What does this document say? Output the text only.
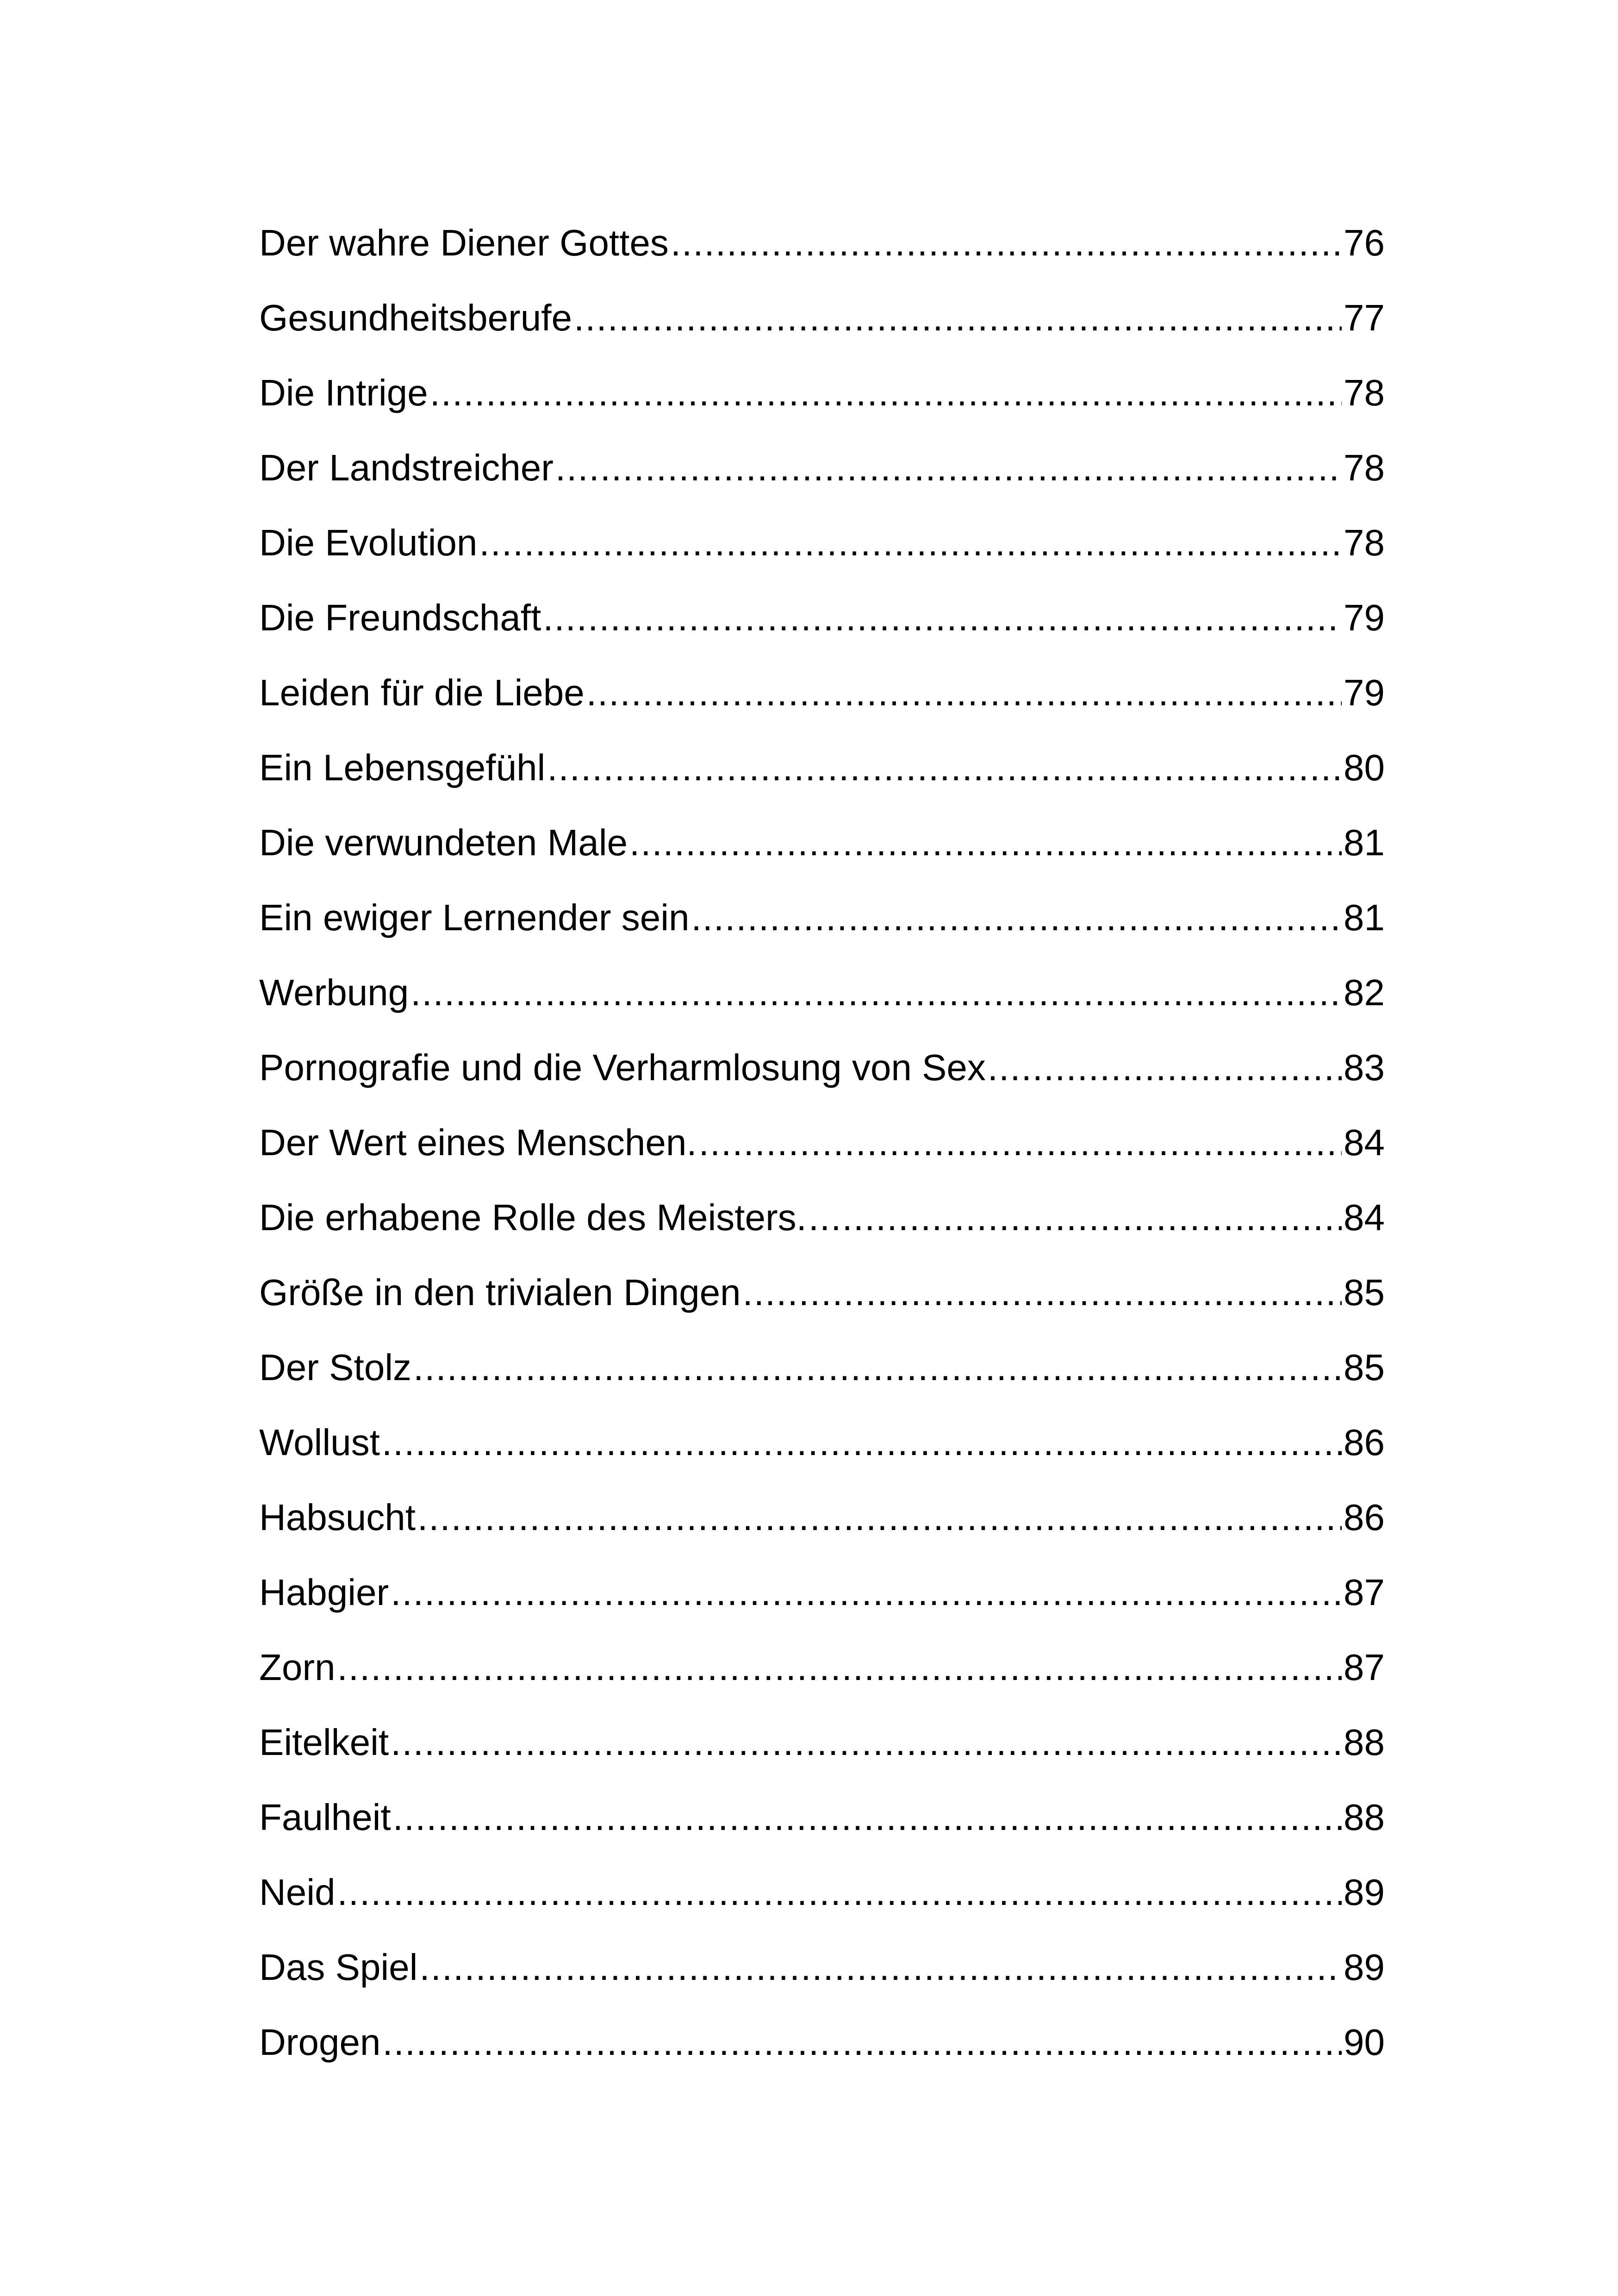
Der wahre Diener Gottes .....	76
Gesundheitsberufe .....	77
Die Intrige .....	78
Der Landstreicher .....	78
Die Evolution .....	78
Die Freundschaft .....	79
Leiden für die Liebe .....	79
Ein Lebensgefühl .....	80
Die verwundeten Male .....	81
Ein ewiger Lernender sein .....	81
Werbung .....	82
Pornografie und die Verharmlosung von Sex .....	83
Der Wert eines Menschen. .....	84
Die erhabene Rolle des Meisters. .....	84
Größe in den trivialen Dingen .....	85
Der Stolz .....	85
Wollust .....	86
Habsucht .....	86
Habgier .....	87
Zorn .....	87
Eitelkeit .....	88
Faulheit .....	88
Neid .....	89
Das Spiel .....	89
Drogen .....	90
